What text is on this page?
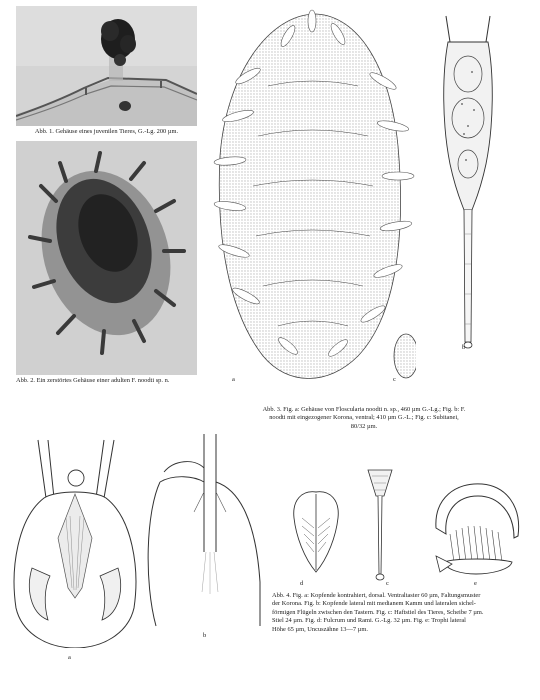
Abb. 1. Gehäuse eines juvenilen Tieres, G.-Lg. 200 µm.
Abb. 2. Ein zerstörtes Gehäuse einer adulten F. noodti sp. n.	a	c
b
Abb. 3. Fig. a: Gehäuse von Floscularia noodti n. sp., 460 µm G.-Lg.; Fig. b: F.
noodti mit eingezogener Korona, ventral; 410 µm G.-L.; Fig. c: Subitanei,
80/32 µm.
a
b
d	c	e
Abb. 4. Fig. a: Kopfende kontrahiert, dorsal. Ventraltaster 60 µm, Faltungsmuster
der Korona. Fig. b: Kopfende lateral mit medianem Kamm und lateralen sichel-
förmigen Flügeln zwischen den Tastern. Fig. c: Haftstiel des Tieres, Scheibe 7 µm.
Stiel 24 µm. Fig. d: Fulcrum und Rami. G.-Lg. 32 µm. Fig. e: Trophi lateral
Höhe 65 µm, Uncuszähne 13—7 µm.
